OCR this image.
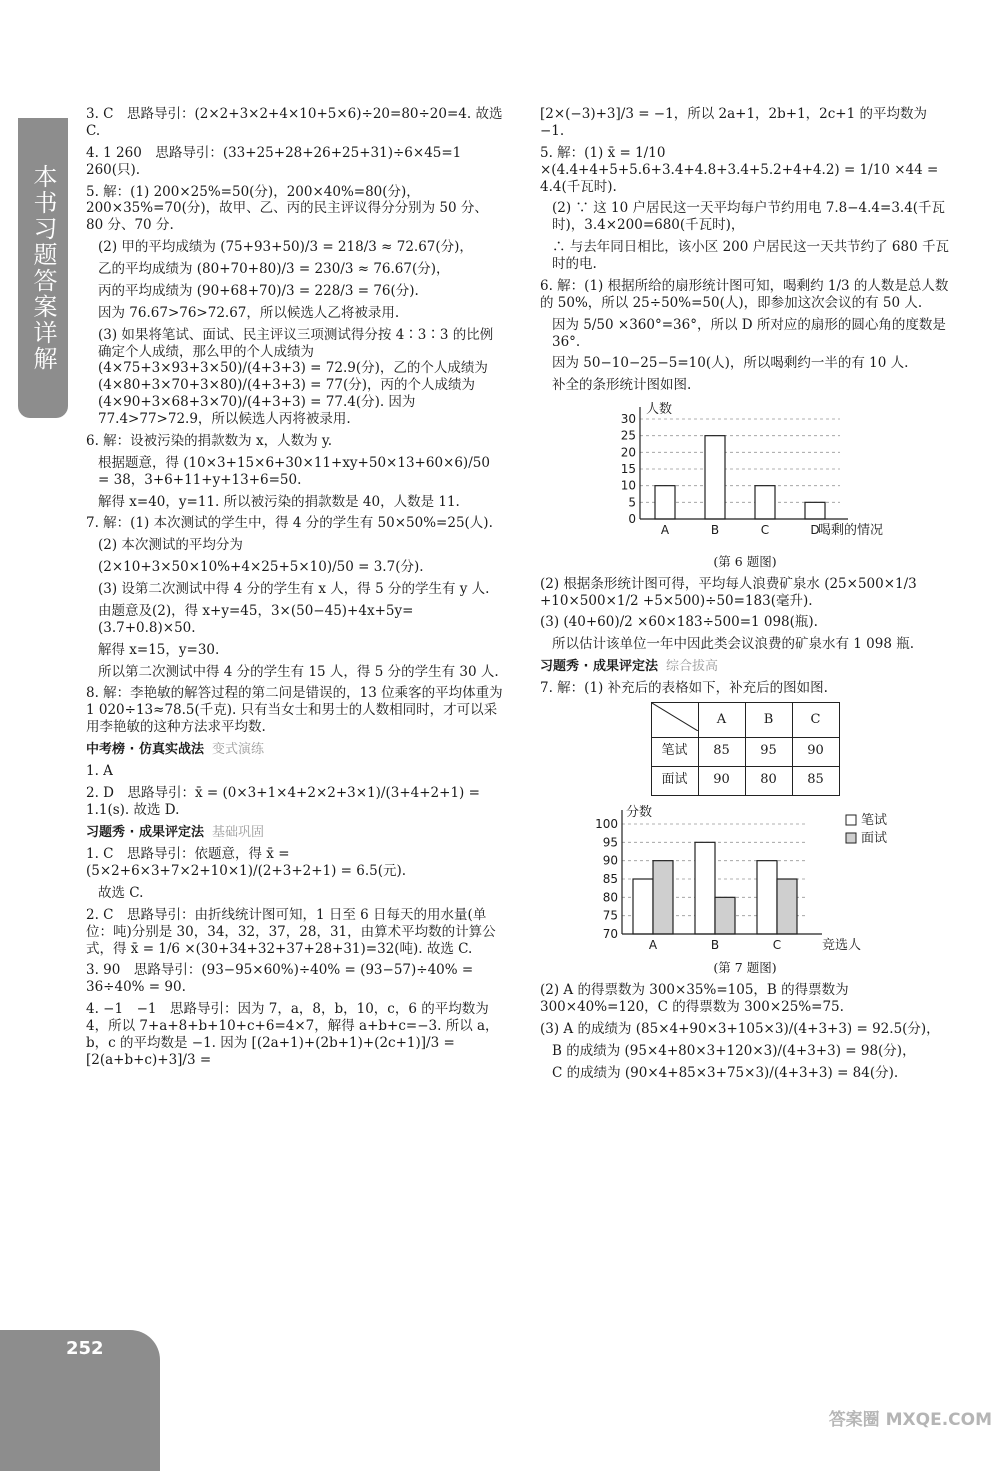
本书习题答案详解
252

3. C　思路导引：(2×2+3×2+4×10+5×6)÷20=80÷20=4. 故选 C.

4. 1 260　思路导引：(33+25+28+26+25+31)÷6×45=1 260(只).

5. 解：(1) 200×25%=50(分)，200×40%=80(分)，200×35%=70(分)，故甲、乙、丙的民主评议得分分别为 50 分、80 分、70 分.

(2) 甲的平均成绩为 (75+93+50)/3 = 218/3 ≈ 72.67(分)，

乙的平均成绩为 (80+70+80)/3 = 230/3 ≈ 76.67(分)，

丙的平均成绩为 (90+68+70)/3 = 228/3 = 76(分).

因为 76.67>76>72.67，所以候选人乙将被录用.

(3) 如果将笔试、面试、民主评议三项测试得分按 4∶3∶3 的比例确定个人成绩，那么甲的个人成绩为 (4×75+3×93+3×50)/(4+3+3) = 72.9(分)，乙的个人成绩为 (4×80+3×70+3×80)/(4+3+3) = 77(分)，丙的个人成绩为 (4×90+3×68+3×70)/(4+3+3) = 77.4(分). 因为 77.4>77>72.9，所以候选人丙将被录用.

6. 解：设被污染的捐款数为 x，人数为 y.

根据题意，得 (10×3+15×6+30×11+xy+50×13+60×6)/50 = 38，3+6+11+y+13+6=50.

解得 x=40，y=11. 所以被污染的捐款数是 40，人数是 11.

7. 解：(1) 本次测试的学生中，得 4 分的学生有 50×50%=25(人).

(2) 本次测试的平均分为

(2×10+3×50×10%+4×25+5×10)/50 = 3.7(分).

(3) 设第二次测试中得 4 分的学生有 x 人，得 5 分的学生有 y 人.

由题意及(2)，得 x+y=45，3×(50−45)+4x+5y=(3.7+0.8)×50.

解得 x=15，y=30.

所以第二次测试中得 4 分的学生有 15 人，得 5 分的学生有 30 人.

8. 解：李艳敏的解答过程的第二问是错误的，13 位乘客的平均体重为 1 020÷13≈78.5(千克). 只有当女士和男士的人数相同时，才可以采用李艳敏的这种方法求平均数.

中考榜 · 仿真实战法 变式演练

1. A

2. D　思路导引：x̄ = (0×3+1×4+2×2+3×1)/(3+4+2+1) = 1.1(s). 故选 D.

习题秀 · 成果评定法 基础巩固

1. C　思路导引：依题意，得 x̄ = (5×2+6×3+7×2+10×1)/(2+3+2+1) = 6.5(元).

故选 C.

2. C　思路导引：由折线统计图可知，1 日至 6 日每天的用水量(单位：吨)分别是 30，34，32，37，28，31，由算术平均数的计算公式，得 x̄ = 1/6 ×(30+34+32+37+28+31)=32(吨). 故选 C.

3. 90　思路导引：(93−95×60%)÷40% = (93−57)÷40% = 36÷40% = 90.

4. −1　−1　思路导引：因为 7，a，8，b，10，c，6 的平均数为 4，所以 7+a+8+b+10+c+6=4×7，解得 a+b+c=−3. 所以 a，b，c 的平均数是 −1. 因为 [(2a+1)+(2b+1)+(2c+1)]/3 = [2(a+b+c)+3]/3 =

[2×(−3)+3]/3 = −1，所以 2a+1，2b+1，2c+1 的平均数为 −1.

5. 解：(1) x̄ = 1/10 ×(4.4+4+5+5.6+3.4+4.8+3.4+5.2+4+4.2) = 1/10 ×44 = 4.4(千瓦时).

(2) ∵ 这 10 户居民这一天平均每户节约用电 7.8−4.4=3.4(千瓦时)，3.4×200=680(千瓦时)，

∴ 与去年同日相比，该小区 200 户居民这一天共节约了 680 千瓦时的电.

6. 解：(1) 根据所给的扇形统计图可知，喝剩约 1/3 的人数是总人数的 50%，所以 25÷50%=50(人)，即参加这次会议的有 50 人.

因为 5/50 ×360°=36°，所以 D 所对应的扇形的圆心角的度数是 36°.

因为 50−10−25−5=10(人)，所以喝剩约一半的有 10 人.

补全的条形统计图如图.

0
5
10
15
20
25
30
A	B	C	D
人数
喝剩的情况
(第 6 题图)

(2) 根据条形统计图可得，平均每人浪费矿泉水 (25×500×1/3 +10×500×1/2 +5×500)÷50=183(毫升).

(3) (40+60)/2 ×60×183÷500=1 098(瓶).

所以估计该单位一年中因此类会议浪费的矿泉水有 1 098 瓶.

习题秀 · 成果评定法 综合拔高

7. 解：(1) 补充后的表格如下，补充后的图如图.

	A	B	C
笔试	85	95	90
面试	90	80	85
70
75
80
85
90
95
100
A	B	C
分数
竞选人
笔试
面试
(第 7 题图)

(2) A 的得票数为 300×35%=105，B 的得票数为 300×40%=120，C 的得票数为 300×25%=75.

(3) A 的成绩为 (85×4+90×3+105×3)/(4+3+3) = 92.5(分)，

B 的成绩为 (95×4+80×3+120×3)/(4+3+3) = 98(分)，

C 的成绩为 (90×4+85×3+75×3)/(4+3+3) = 84(分).

答案圈 MXQE.COM
